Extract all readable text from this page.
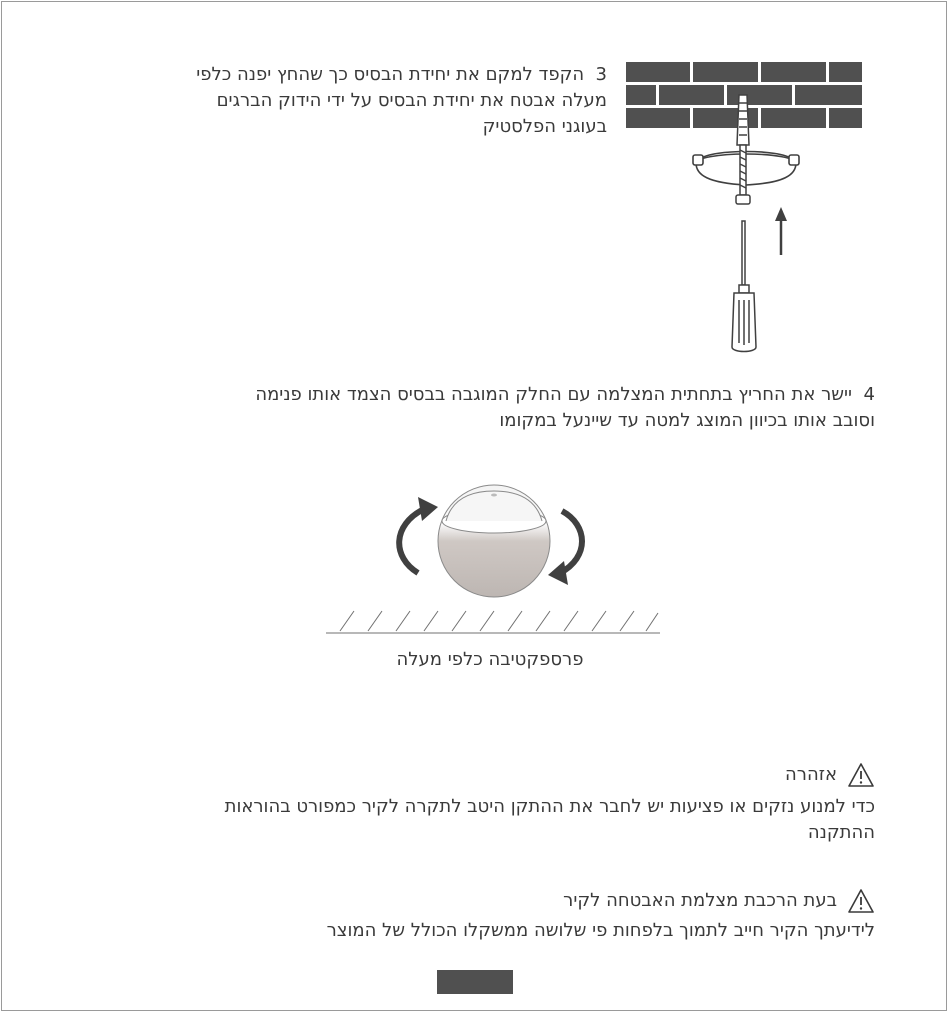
3  הקפד למקם את יחידת הבסיס כך שהחץ יפנה כלפי
מעלה אבטח את יחידת הבסיס על ידי הידוק הברגים
בעוגני הפלסטיק
4  יישר את החריץ בתחתית המצלמה עם החלק המוגבה בבסיס הצמד אותו פנימה
וסובב אותו בכיוון המוצג למטה עד שיינעל במקומו
פרספקטיבה כלפי מעלה
אזהרה
כדי למנוע נזקים או פציעות יש לחבר את ההתקן היטב לתקרה לקיר כמפורט בהוראות
ההתקנה
בעת הרכבת מצלמת האבטחה לקיר
לידיעתך הקיר חייב לתמוך בלפחות פי שלושה ממשקלו הכולל של המוצר
